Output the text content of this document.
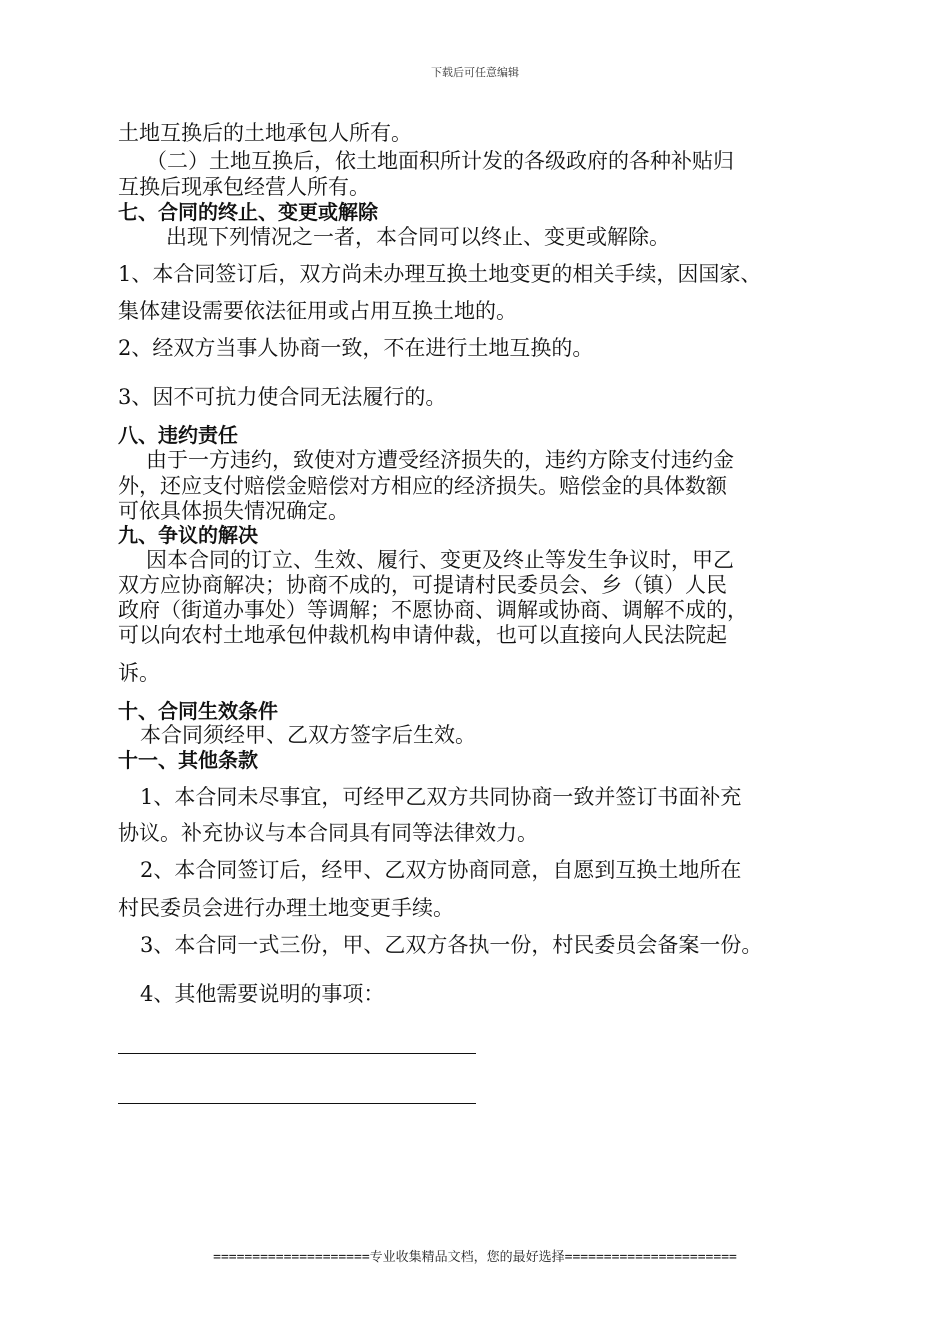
下载后可任意编辑

土地互换后的土地承包人所有。

（二）土地互换后，依土地面积所计发的各级政府的各种补贴归

互换后现承包经营人所有。

七、合同的终止、变更或解除

出现下列情况之一者，本合同可以终止、变更或解除。

1、本合同签订后，双方尚未办理互换土地变更的相关手续，因国家、

集体建设需要依法征用或占用互换土地的。

2、经双方当事人协商一致，不在进行土地互换的。

3、因不可抗力使合同无法履行的。

八、违约责任

由于一方违约，致使对方遭受经济损失的，违约方除支付违约金

外，还应支付赔偿金赔偿对方相应的经济损失。赔偿金的具体数额

可依具体损失情况确定。

九、争议的解决

因本合同的订立、生效、履行、变更及终止等发生争议时，甲乙

双方应协商解决；协商不成的，可提请村民委员会、乡（镇）人民

政府（街道办事处）等调解；不愿协商、调解或协商、调解不成的，

可以向农村土地承包仲裁机构申请仲裁，也可以直接向人民法院起

诉。

十、合同生效条件

本合同须经甲、乙双方签字后生效。

十一、其他条款

1、本合同未尽事宜，可经甲乙双方共同协商一致并签订书面补充

协议。补充协议与本合同具有同等法律效力。

2、本合同签订后，经甲、乙双方协商同意，自愿到互换土地所在

村民委员会进行办理土地变更手续。

3、本合同一式三份，甲、乙双方各执一份，村民委员会备案一份。

4、其他需要说明的事项：

====================专业收集精品文档，您的最好选择======================
